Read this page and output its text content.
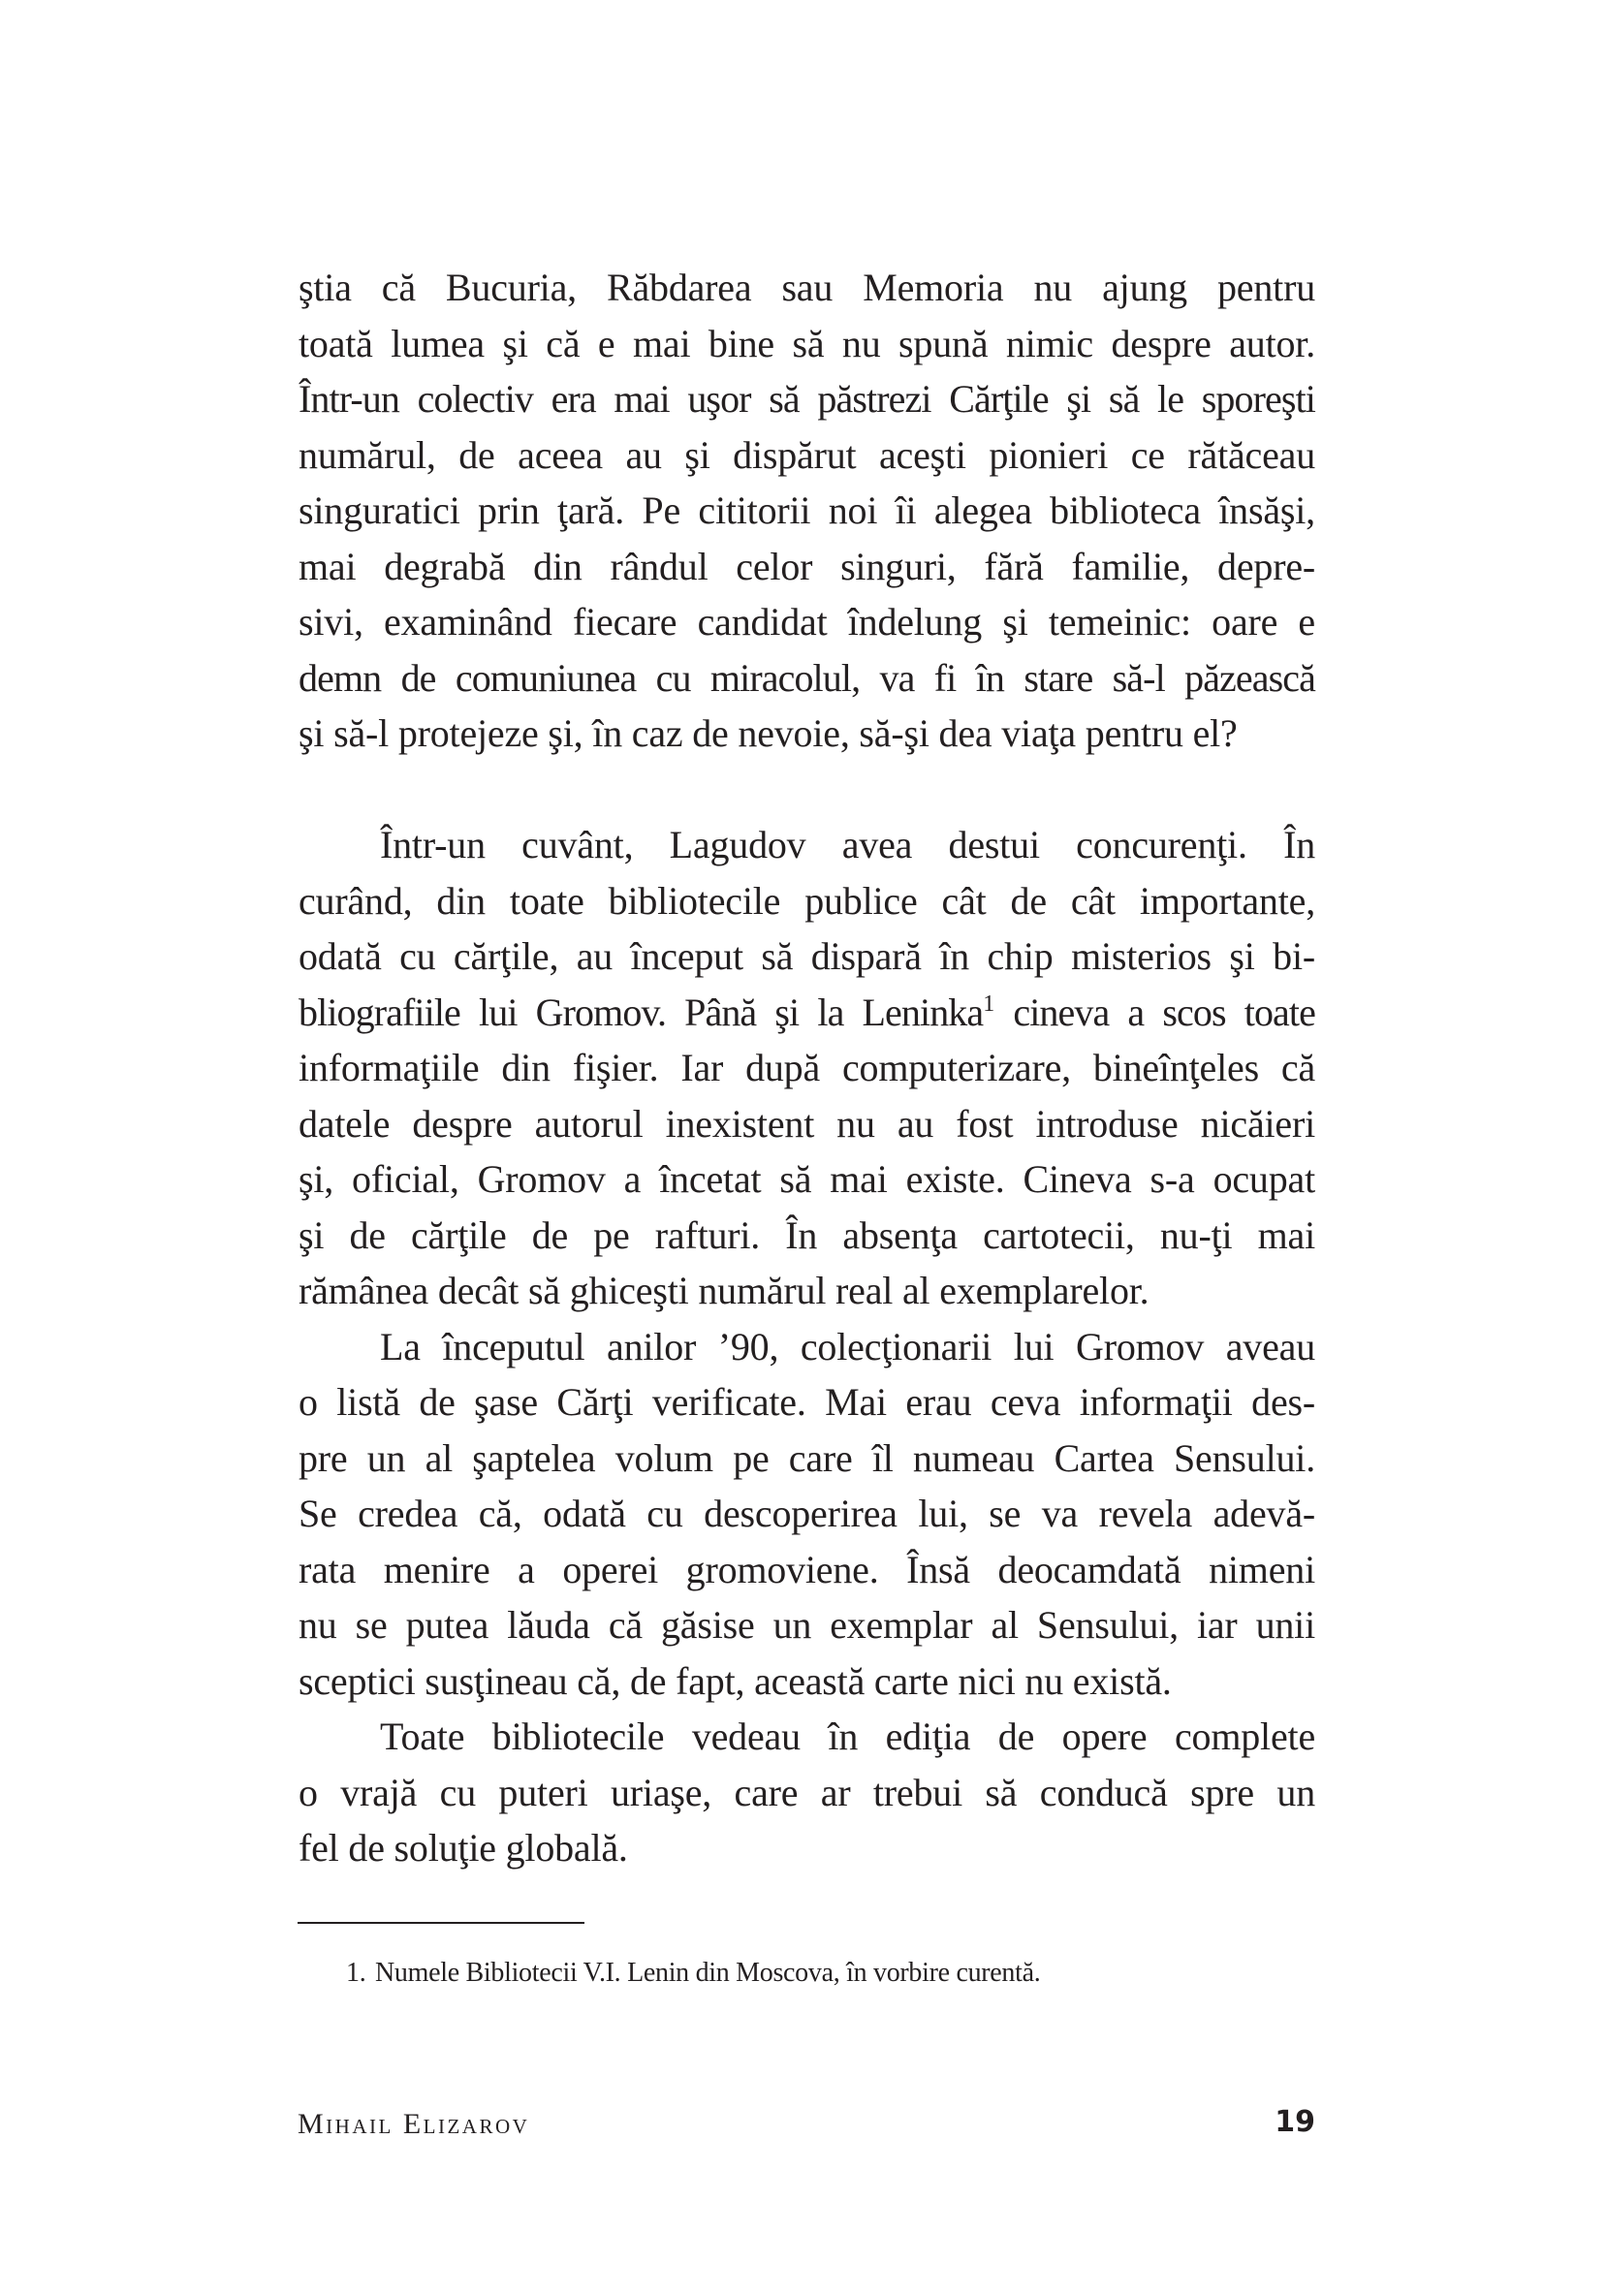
ştia că Bucuria, Răbdarea sau Memoria nu ajung pentru
toată lumea şi că e mai bine să nu spună nimic despre autor.
Într-un colectiv era mai uşor să păstrezi Cărţile şi să le sporeşti
numărul, de aceea au şi dispărut aceşti pionieri ce rătăceau
singuratici prin ţară. Pe cititorii noi îi alegea biblioteca însăşi,
mai degrabă din rândul celor singuri, fără familie, depre-
sivi, examinând fiecare candidat îndelung şi temeinic: oare e
demn de comuniunea cu miracolul, va fi în stare să-l păzească
şi să-l protejeze şi, în caz de nevoie, să-şi dea viaţa pentru el?
Într-un cuvânt, Lagudov avea destui concurenţi. În
curând, din toate bibliotecile publice cât de cât importante,
odată cu cărţile, au început să dispară în chip misterios şi bi-
bliografiile lui Gromov. Până şi la Leninka$^1$ cineva a scos toate
informaţiile din fişier. Iar după computerizare, bineînţeles că
datele despre autorul inexistent nu au fost introduse nicăieri
şi, oficial, Gromov a încetat să mai existe. Cineva s-a ocupat
şi de cărţile de pe rafturi. În absenţa cartotecii, nu-ţi mai
rămânea decât să ghiceşti numărul real al exemplarelor.
La începutul anilor ’90, colecţionarii lui Gromov aveau
o listă de şase Cărţi verificate. Mai erau ceva informaţii des-
pre un al şaptelea volum pe care îl numeau Cartea Sensului.
Se credea că, odată cu descoperirea lui, se va revela adevă-
rata menire a operei gromoviene. Însă deocamdată nimeni
nu se putea lăuda că găsise un exemplar al Sensului, iar unii
sceptici susţineau că, de fapt, această carte nici nu există.
Toate bibliotecile vedeau în ediţia de opere complete
o vrajă cu puteri uriaşe, care ar trebui să conducă spre un
fel de soluţie globală.
1. Numele Bibliotecii V.I. Lenin din Moscova, în vorbire curentă.
Mihail Elizarov	19
